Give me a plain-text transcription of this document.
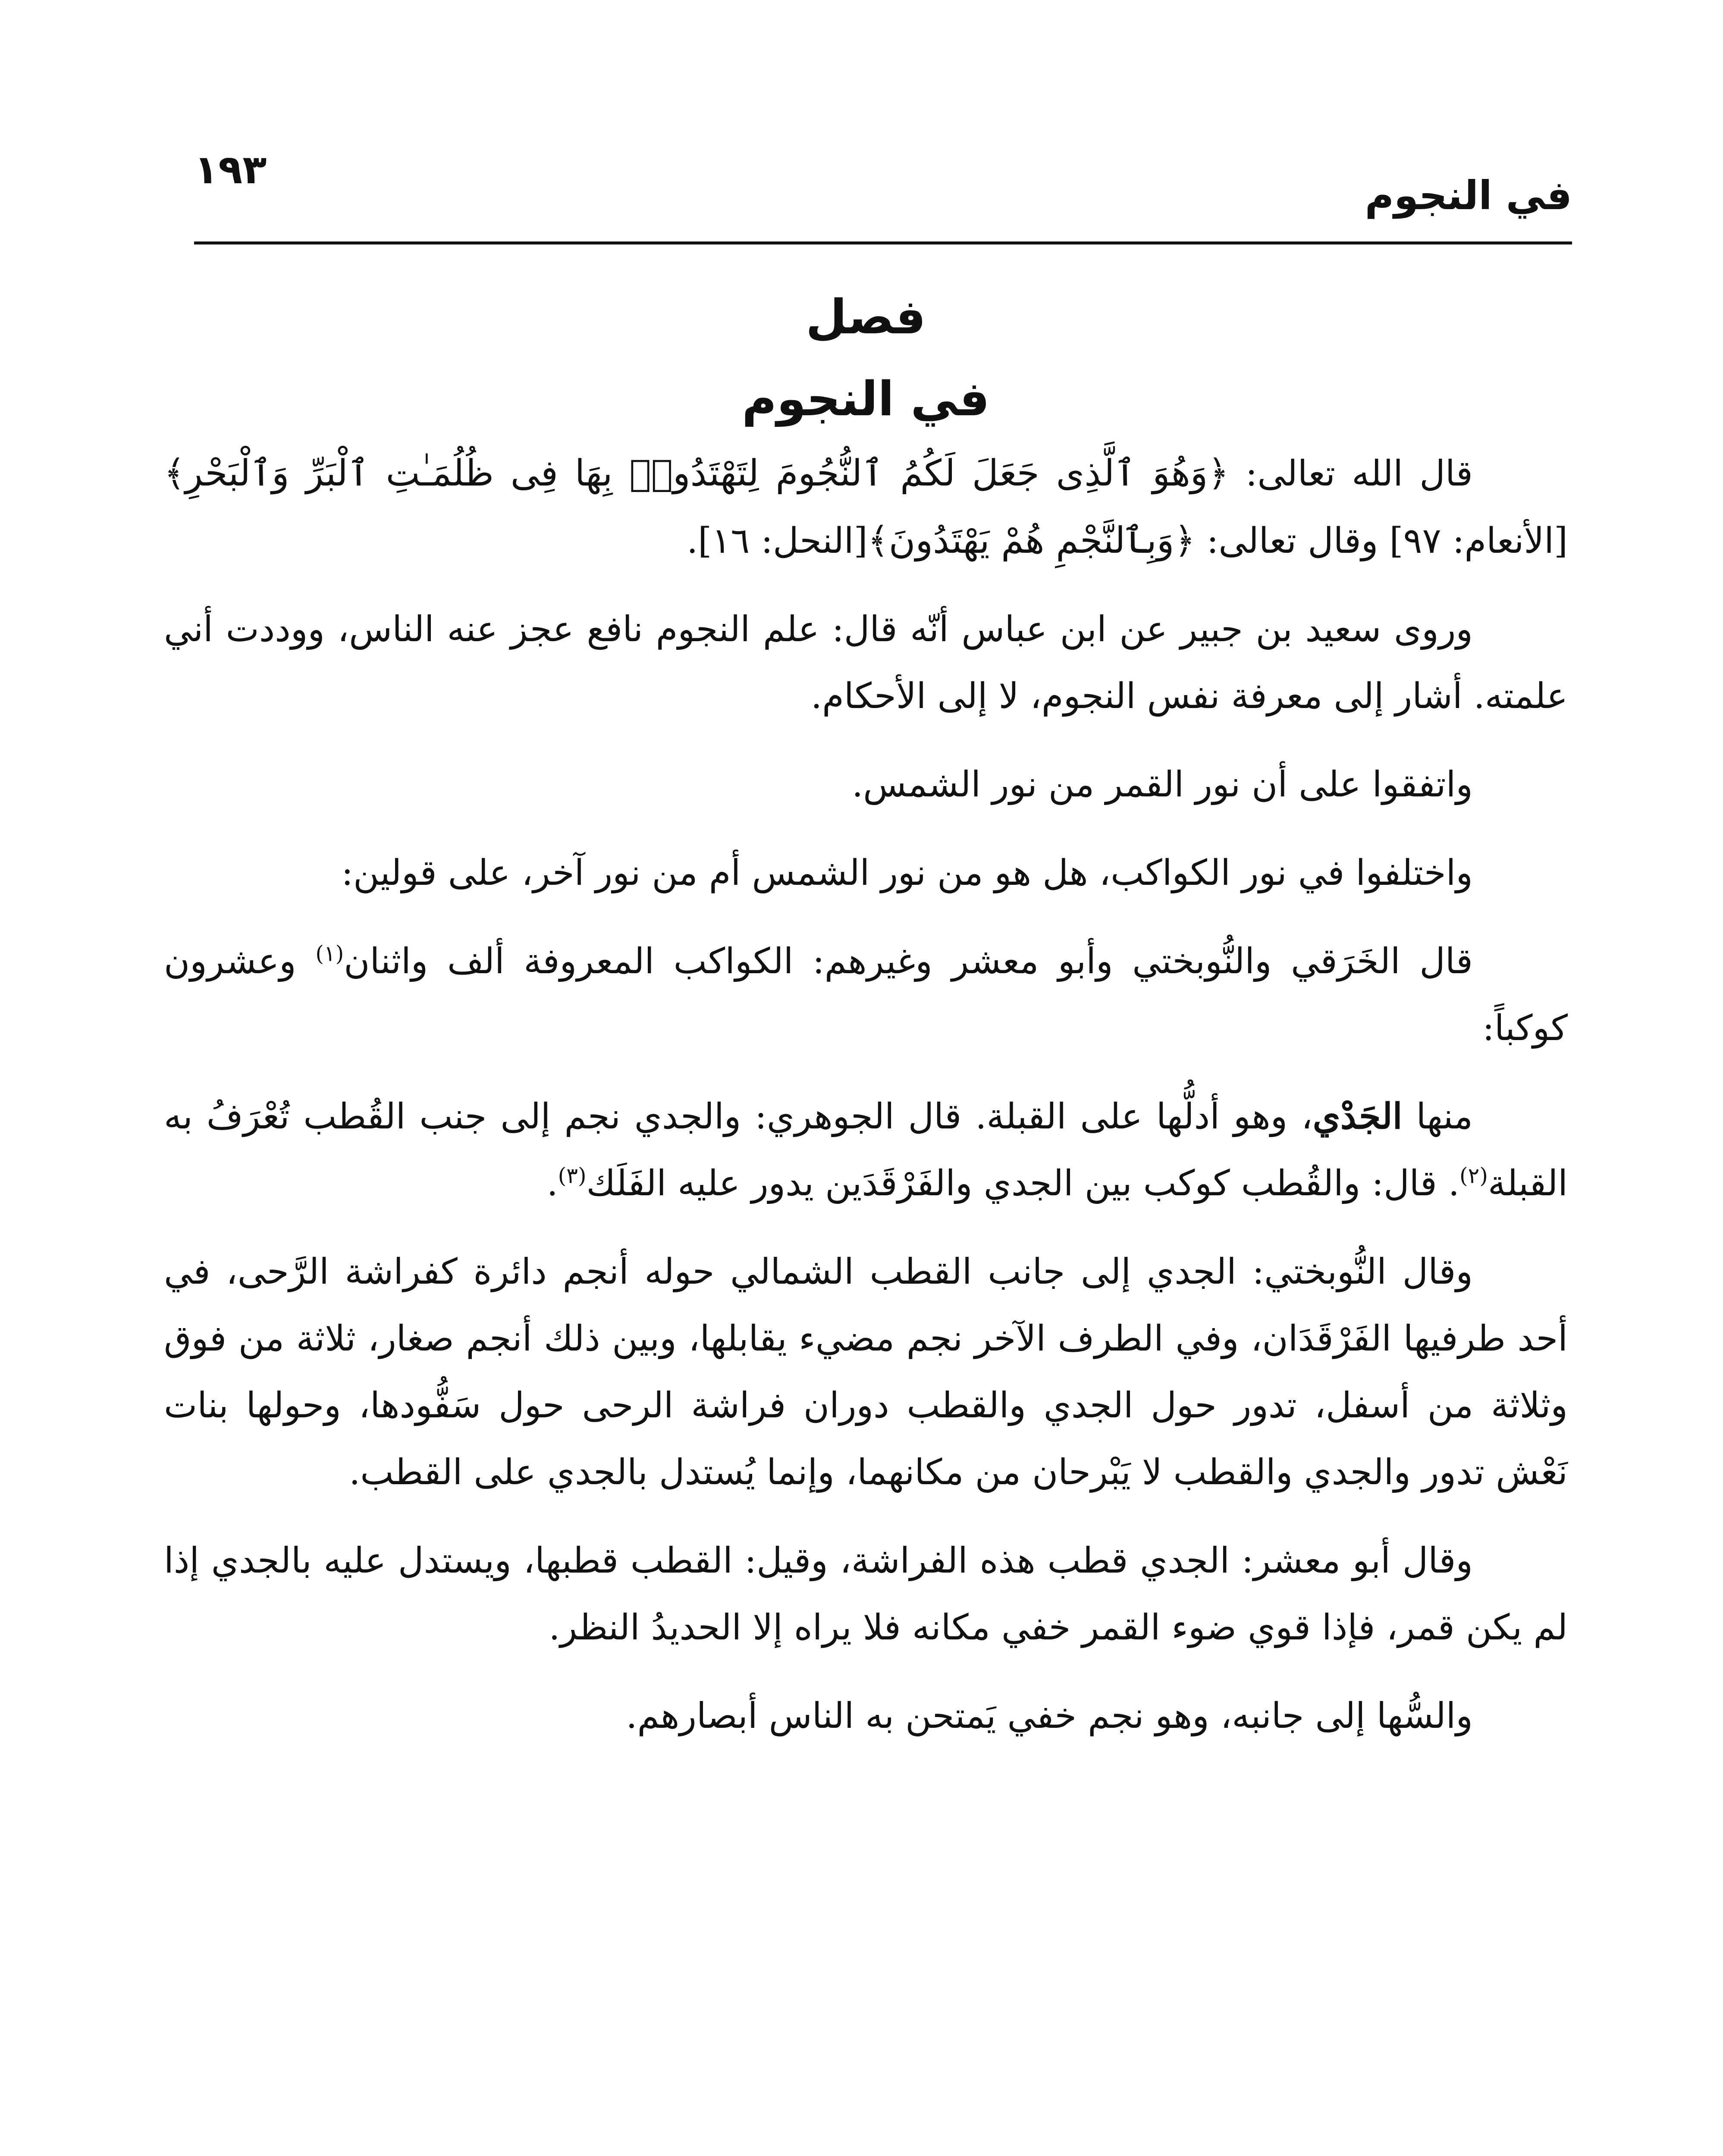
في النجوم
١٩٣
فصل
في النجوم

قال الله تعالى: ﴿وَهُوَ ٱلَّذِى جَعَلَ لَكُمُ ٱلنُّجُومَ لِتَهْتَدُوا۟ بِهَا فِى ظُلُمَـٰتِ ٱلْبَرِّ وَٱلْبَحْرِ﴾[الأنعام: ٩٧] وقال تعالى: ﴿وَبِٱلنَّجْمِ هُمْ يَهْتَدُونَ﴾[النحل: ١٦].

وروى سعيد بن جبير عن ابن عباس أنّه قال: علم النجوم نافع عجز عنه الناس، ووددت أني علمته. أشار إلى معرفة نفس النجوم، لا إلى الأحكام.

واتفقوا على أن نور القمر من نور الشمس.

واختلفوا في نور الكواكب، هل هو من نور الشمس أم من نور آخر، على قولين:

قال الخَرَقي والنُّوبختي وأبو معشر وغيرهم: الكواكب المعروفة ألف واثنان$^{(١)}$ وعشرون كوكباً:

منها الجَدْي، وهو أدلُّها على القبلة. قال الجوهري: والجدي نجم إلى جنب القُطب تُعْرَفُ به القبلة$^{(٢)}$. قال: والقُطب كوكب بين الجدي والفَرْقَدَين يدور عليه الفَلَك$^{(٣)}$.

وقال النُّوبختي: الجدي إلى جانب القطب الشمالي حوله أنجم دائرة كفراشة الرَّحى، في أحد طرفيها الفَرْقَدَان، وفي الطرف الآخر نجم مضيء يقابلها، وبين ذلك أنجم صغار، ثلاثة من فوق وثلاثة من أسفل، تدور حول الجدي والقطب دوران فراشة الرحى حول سَفُّودها، وحولها بنات نَعْش تدور والجدي والقطب لا يَبْرحان من مكانهما، وإنما يُستدل بالجدي على القطب.

وقال أبو معشر: الجدي قطب هذه الفراشة، وقيل: القطب قطبها، ويستدل عليه بالجدي إذا لم يكن قمر، فإذا قوي ضوء القمر خفي مكانه فلا يراه إلا الحديدُ النظر.

والسُّها إلى جانبه، وهو نجم خفي يَمتحن به الناس أبصارهم.
